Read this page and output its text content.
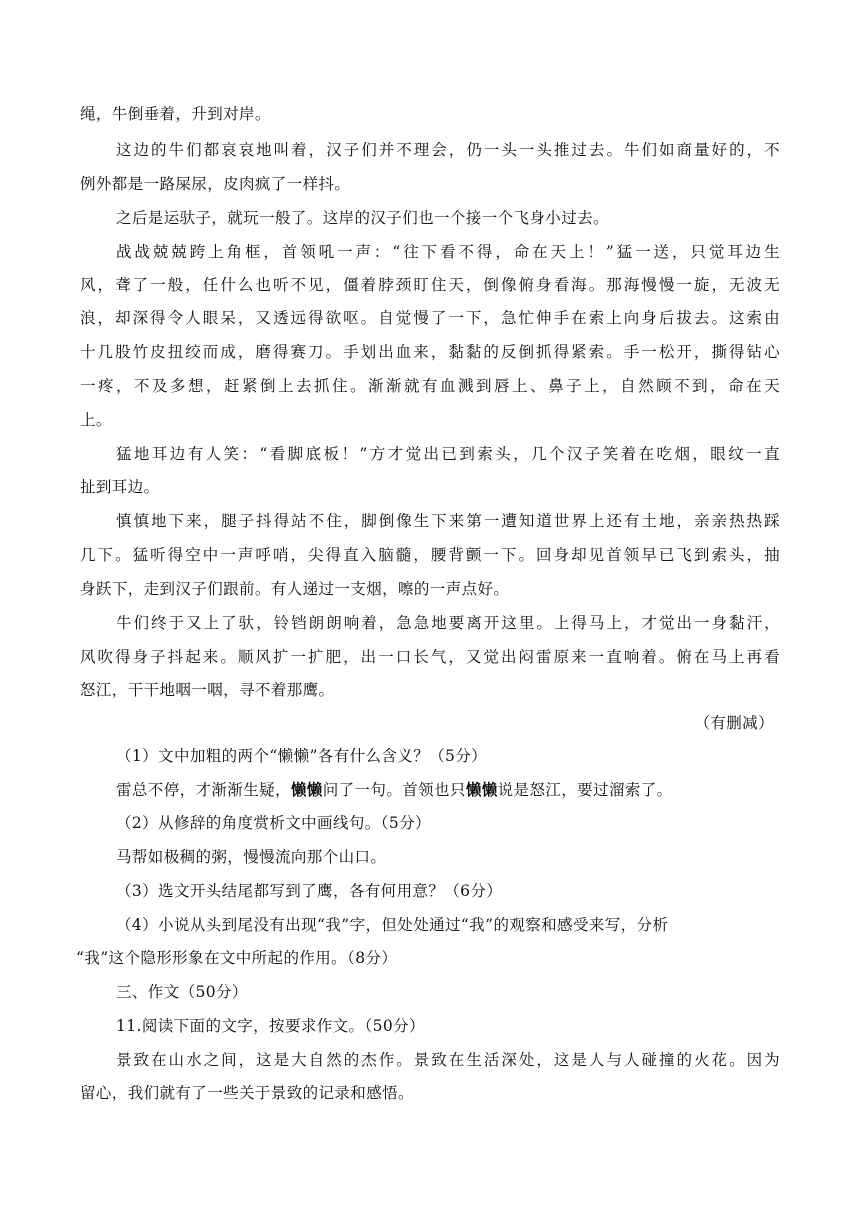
绳，牛倒垂着，升到对岸。
这边的牛们都哀哀地叫着，汉子们并不理会，仍一头一头推过去。牛们如商量好的，不
例外都是一路屎尿，皮肉疯了一样抖。
之后是运驮子，就玩一般了。这岸的汉子们也一个接一个飞身小过去。
战战兢兢跨上角框，首领吼一声：“往下看不得，命在天上！”猛一送，只觉耳边生
风，聋了一般，任什么也听不见，僵着脖颈盯住天，倒像俯身看海。那海慢慢一旋，无波无
浪，却深得令人眼呆，又透远得欲呕。自觉慢了一下，急忙伸手在索上向身后拔去。这索由
十几股竹皮扭绞而成，磨得赛刀。手划出血来，黏黏的反倒抓得紧索。手一松开，撕得钻心
一疼，不及多想，赶紧倒上去抓住。渐渐就有血溅到唇上、鼻子上，自然顾不到，命在天
上。
猛地耳边有人笑：“看脚底板！”方才觉出已到索头，几个汉子笑着在吃烟，眼纹一直
扯到耳边。
慎慎地下来，腿子抖得站不住，脚倒像生下来第一遭知道世界上还有土地，亲亲热热踩
几下。猛听得空中一声呼哨，尖得直入脑髓，腰背颤一下。回身却见首领早已飞到索头，抽
身跃下，走到汉子们跟前。有人递过一支烟，嚓的一声点好。
牛们终于又上了驮，铃铛朗朗响着，急急地要离开这里。上得马上，才觉出一身黏汗，
风吹得身子抖起来。顺风扩一扩肥，出一口长气，又觉出闷雷原来一直响着。俯在马上再看
怒江，干干地咽一咽，寻不着那鹰。
（有删减）
（1）文中加粗的两个“懒懒”各有什么含义？（5分）
雷总不停，才渐渐生疑，懒懒问了一句。首领也只懒懒说是怒江，要过溜索了。
（2）从修辞的角度赏析文中画线句。（5分）
马帮如极稠的粥，慢慢流向那个山口。
（3）选文开头结尾都写到了鹰，各有何用意？（6分）
（4）小说从头到尾没有出现“我”字，但处处通过“我”的观察和感受来写，分析
“我”这个隐形形象在文中所起的作用。（8分）
三、作文（50分）
11.阅读下面的文字，按要求作文。（50分）
景致在山水之间，这是大自然的杰作。景致在生活深处，这是人与人碰撞的火花。因为
留心，我们就有了一些关于景致的记录和感悟。
